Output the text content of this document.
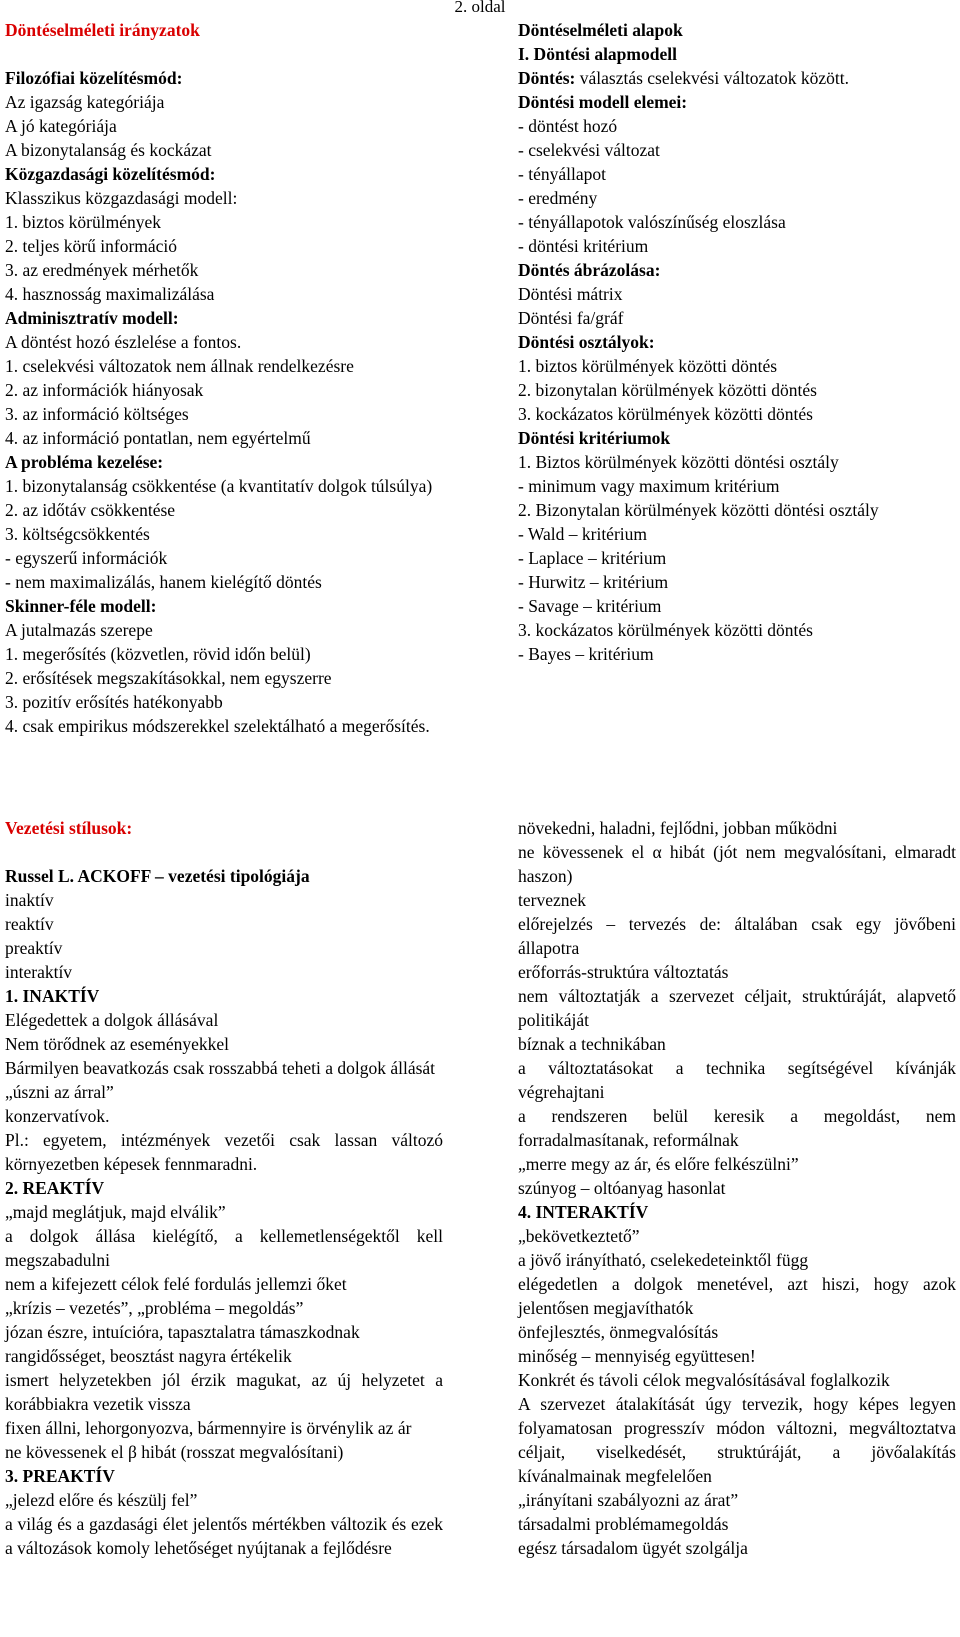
2. oldal
Döntéselméleti irányzatok
Filozófiai közelítésmód:
Az igazság kategóriája
A jó kategóriája
A bizonytalanság és kockázat
Közgazdasági közelítésmód:
Klasszikus közgazdasági modell:
1. biztos körülmények
2. teljes körű információ
3. az eredmények mérhetők
4. hasznosság maximalizálása
Adminisztratív modell:
A döntést hozó észlelése a fontos.
1. cselekvési változatok nem állnak rendelkezésre
2. az információk hiányosak
3. az információ költséges
4. az információ pontatlan, nem egyértelmű
A probléma kezelése:
1. bizonytalanság csökkentése (a kvantitatív dolgok túlsúlya)
2. az időtáv csökkentése
3. költségcsökkentés
- egyszerű információk
- nem maximalizálás, hanem kielégítő döntés
Skinner-féle modell:
A jutalmazás szerepe
1. megerősítés (közvetlen, rövid időn belül)
2. erősítések megszakításokkal, nem egyszerre
3. pozitív erősítés hatékonyabb
4. csak empirikus módszerekkel szelektálható a megerősítés.
Döntéselméleti alapok
I. Döntési alapmodell
Döntés: választás cselekvési változatok között.
Döntési modell elemei:
- döntést hozó
- cselekvési változat
- tényállapot
- eredmény
- tényállapotok valószínűség eloszlása
- döntési kritérium
Döntés ábrázolása:
Döntési mátrix
Döntési fa/gráf
Döntési osztályok:
1. biztos körülmények közötti döntés
2. bizonytalan körülmények közötti döntés
3. kockázatos körülmények közötti döntés
Döntési kritériumok
1. Biztos körülmények közötti döntési osztály
- minimum vagy maximum kritérium
2. Bizonytalan körülmények közötti döntési osztály
- Wald – kritérium
- Laplace – kritérium
- Hurwitz – kritérium
- Savage – kritérium
3. kockázatos körülmények közötti döntés
- Bayes – kritérium
Vezetési stílusok:
Russel L. ACKOFF – vezetési tipológiája
inaktív
reaktív
preaktív
interaktív
1. INAKTÍV
Elégedettek a dolgok állásával
Nem törődnek az eseményekkel
Bármilyen beavatkozás csak rosszabbá teheti a dolgok állását
„úszni az árral”
konzervatívok.
Pl.: egyetem, intézmények vezetői csak lassan változó környezetben képesek fennmaradni.
2. REAKTÍV
„majd meglátjuk, majd elválik”
a dolgok állása kielégítő, a kellemetlenségektől kell megszabadulni
nem a kifejezett célok felé fordulás jellemzi őket
„krízis – vezetés”, „probléma – megoldás”
józan észre, intuícióra, tapasztalatra támaszkodnak
rangidősséget, beosztást nagyra értékelik
ismert helyzetekben jól érzik magukat, az új helyzetet a korábbiakra vezetik vissza
fixen állni, lehorgonyozva, bármennyire is örvénylik az ár
ne kövessenek el β hibát (rosszat megvalósítani)
3. PREAKTÍV
„jelezd előre és készülj fel”
a világ és a gazdasági élet jelentős mértékben változik és ezek a változások komoly lehetőséget nyújtanak a fejlődésre
növekedni, haladni, fejlődni, jobban működni
ne kövessenek el α hibát (jót nem megvalósítani, elmaradt haszon)
terveznek
előrejelzés – tervezés de: általában csak egy jövőbeni állapotra
erőforrás-struktúra változtatás
nem változtatják a szervezet céljait, struktúráját, alapvető politikáját
bíznak a technikában
a változtatásokat a technika segítségével kívánják végrehajtani
a rendszeren belül keresik a megoldást, nem forradalmasítanak, reformálnak
„merre megy az ár, és előre felkészülni”
szúnyog – oltóanyag hasonlat
4. INTERAKTÍV
„bekövetkeztető”
a jövő irányítható, cselekedeteinktől függ
elégedetlen a dolgok menetével, azt hiszi, hogy azok jelentősen megjavíthatók
önfejlesztés, önmegvalósítás
minőség – mennyiség együttesen!
Konkrét és távoli célok megvalósításával foglalkozik
A szervezet átalakítását úgy tervezik, hogy képes legyen folyamatosan progresszív módon változni, megváltoztatva céljait, viselkedését, struktúráját, a jövőalakítás kívánalmainak megfelelően
„irányítani szabályozni az árat”
társadalmi problémamegoldás
egész társadalom ügyét szolgálja
